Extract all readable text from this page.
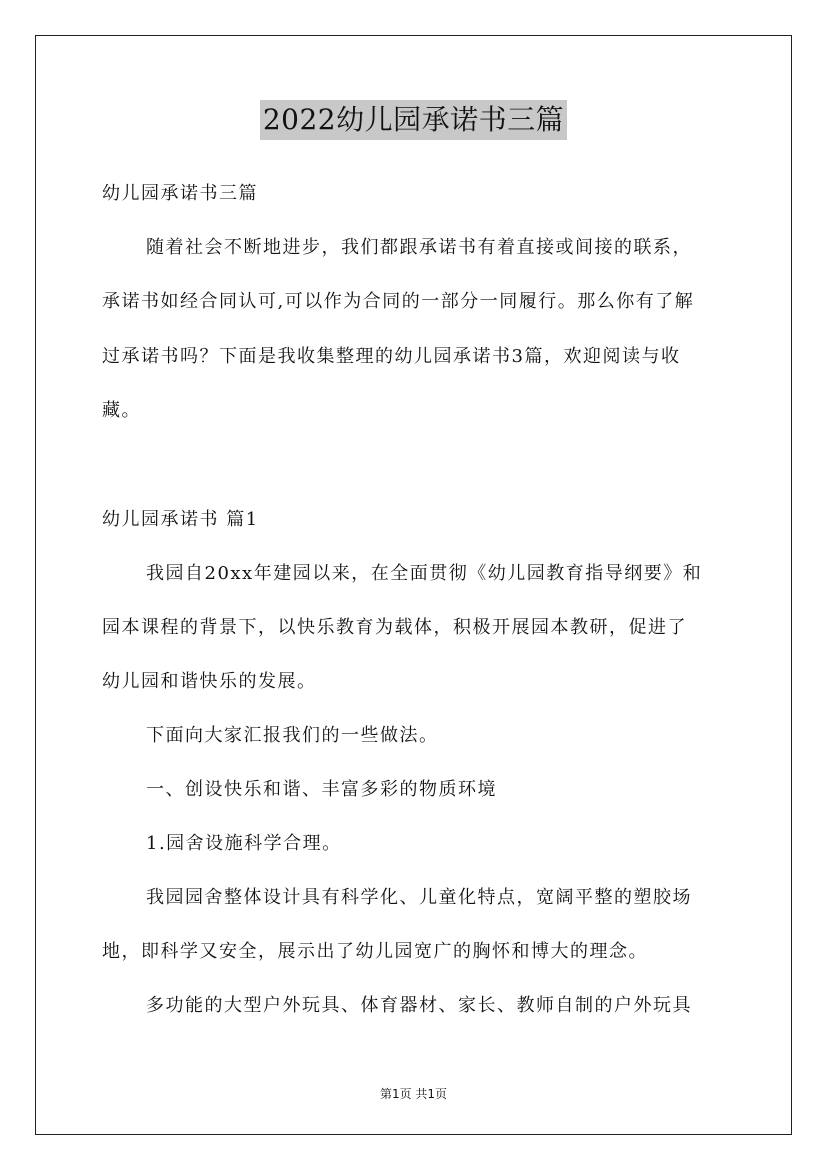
2022幼儿园承诺书三篇
幼儿园承诺书三篇
随着社会不断地进步，我们都跟承诺书有着直接或间接的联系，
承诺书如经合同认可,可以作为合同的一部分一同履行。那么你有了解
过承诺书吗？下面是我收集整理的幼儿园承诺书3篇，欢迎阅读与收
藏。
幼儿园承诺书 篇1
我园自20xx年建园以来，在全面贯彻《幼儿园教育指导纲要》和
园本课程的背景下，以快乐教育为载体，积极开展园本教研，促进了
幼儿园和谐快乐的发展。
下面向大家汇报我们的一些做法。
一、创设快乐和谐、丰富多彩的物质环境
1.园舍设施科学合理。
我园园舍整体设计具有科学化、儿童化特点，宽阔平整的塑胶场
地，即科学又安全，展示出了幼儿园宽广的胸怀和博大的理念。
多功能的大型户外玩具、体育器材、家长、教师自制的户外玩具
第1页 共1页
